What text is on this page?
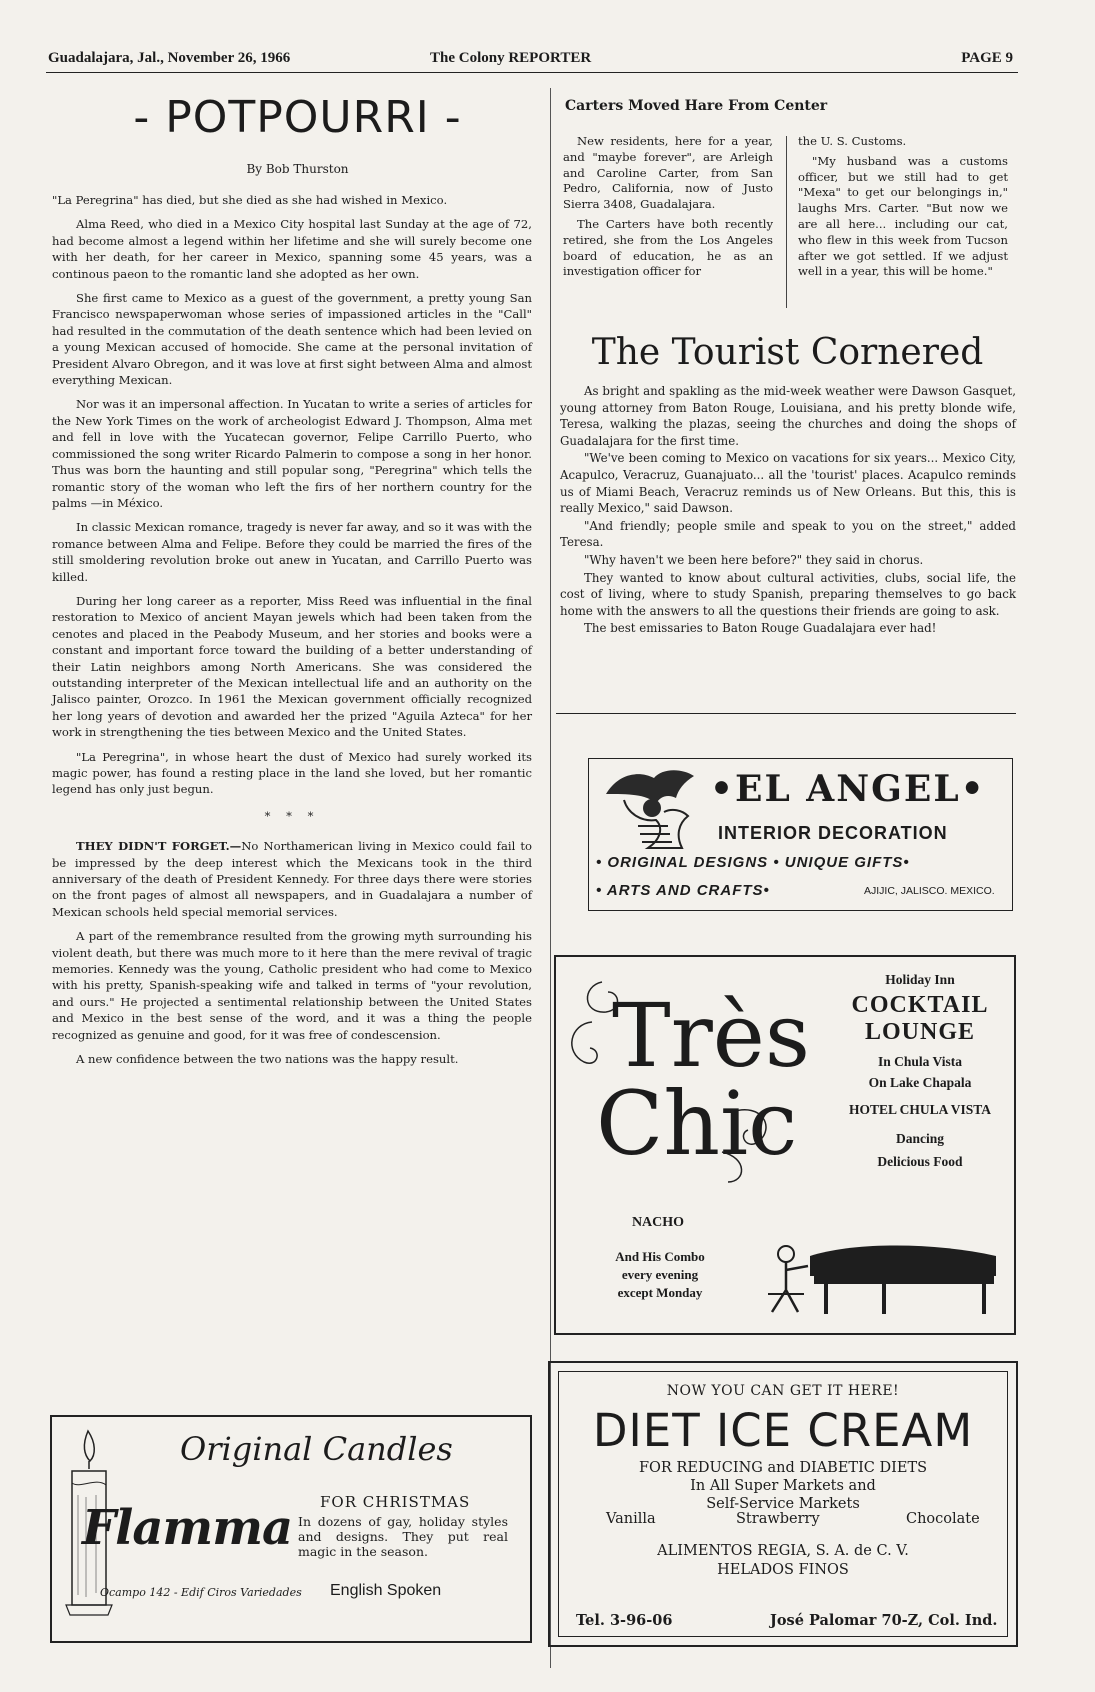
Guadalajara, Jal., November 26, 1966	The Colony REPORTER	PAGE 9
- POTPOURRI -
By Bob Thurston

"La Peregrina" has died, but she died as she had wished in Mexico.

Alma Reed, who died in a Mexico City hospital last Sunday at the age of 72, had become almost a legend within her lifetime and she will surely become one with her death, for her career in Mexico, spanning some 45 years, was a continous paeon to the romantic land she adopted as her own.

She first came to Mexico as a guest of the government, a pretty young San Francisco newspaperwoman whose series of impassioned articles in the "Call" had resulted in the commutation of the death sentence which had been levied on a young Mexican accused of homocide. She came at the personal invitation of President Alvaro Obregon, and it was love at first sight between Alma and almost everything Mexican.

Nor was it an impersonal affection. In Yucatan to write a series of articles for the New York Times on the work of archeologist Edward J. Thompson, Alma met and fell in love with the Yucatecan governor, Felipe Carrillo Puerto, who commissioned the song writer Ricardo Palmerin to compose a song in her honor. Thus was born the haunting and still popular song, "Peregrina" which tells the romantic story of the woman who left the firs of her northern country for the palms —in México.

In classic Mexican romance, tragedy is never far away, and so it was with the romance between Alma and Felipe. Before they could be married the fires of the still smoldering revolution broke out anew in Yucatan, and Carrillo Puerto was killed.

During her long career as a reporter, Miss Reed was influential in the final restoration to Mexico of ancient Mayan jewels which had been taken from the cenotes and placed in the Peabody Museum, and her stories and books were a constant and important force toward the building of a better understanding of their Latin neighbors among North Americans. She was considered the outstanding interpreter of the Mexican intellectual life and an authority on the Jalisco painter, Orozco. In 1961 the Mexican government officially recognized her long years of devotion and awarded her the prized "Aguila Azteca" for her work in strengthening the ties between Mexico and the United States.

"La Peregrina", in whose heart the dust of Mexico had surely worked its magic power, has found a resting place in the land she loved, but her romantic legend has only just begun.

* * *

THEY DIDN'T FORGET.—No Northamerican living in Mexico could fail to be impressed by the deep interest which the Mexicans took in the third anniversary of the death of President Kennedy. For three days there were stories on the front pages of almost all newspapers, and in Guadalajara a number of Mexican schools held special memorial services.

A part of the remembrance resulted from the growing myth surrounding his violent death, but there was much more to it here than the mere revival of tragic memories. Kennedy was the young, Catholic president who had come to Mexico with his pretty, Spanish-speaking wife and talked in terms of "your revolution, and ours." He projected a sentimental relationship between the United States and Mexico in the best sense of the word, and it was a thing the people recognized as genuine and good, for it was free of condescension.

A new confidence between the two nations was the happy result.

Original Candles
Flamma FOR CHRISTMAS
In dozens of gay, holiday styles and designs. They put real magic in the season.
Ocampo 142 - Edif Ciros Variedades English Spoken
Carters Moved Hare From Center

New residents, here for a year, and "maybe forever", are Arleigh and Caroline Carter, from San Pedro, California, now of Justo Sierra 3408, Guadalajara.

The Carters have both recently retired, she from the Los Angeles board of education, he as an investigation officer for

the U. S. Customs.

"My husband was a customs officer, but we still had to get "Mexa" to get our belongings in," laughs Mrs. Carter. "But now we are all here... including our cat, who flew in this week from Tucson after we got settled. If we adjust well in a year, this will be home."

The Tourist Cornered

As bright and spakling as the mid-week weather were Dawson Gasquet, young attorney from Baton Rouge, Louisiana, and his pretty blonde wife, Teresa, walking the plazas, seeing the churches and doing the shops of Guadalajara for the first time.

"We've been coming to Mexico on vacations for six years... Mexico City, Acapulco, Veracruz, Guanajuato... all the 'tourist' places. Acapulco reminds us of Miami Beach, Veracruz reminds us of New Orleans. But this, this is really Mexico," said Dawson.

"And friendly; people smile and speak to you on the street," added Teresa.

"Why haven't we been here before?" they said in chorus.

They wanted to know about cultural activities, clubs, social life, the cost of living, where to study Spanish, preparing themselves to go back home with the answers to all the questions their friends are going to ask.

The best emissaries to Baton Rouge Guadalajara ever had!

•EL ANGEL•
INTERIOR DECORATION
• ORIGINAL DESIGNS • UNIQUE GIFTS•
• ARTS AND CRAFTS•	AJIJIC, JALISCO. MEXICO.
Très
Chic
Holiday Inn
COCKTAIL
LOUNGE
In Chula Vista
On Lake Chapala
HOTEL CHULA VISTA
Dancing
Delicious Food
NACHO
And His Combo
every evening
except Monday
NOW YOU CAN GET IT HERE!
DIET ICE CREAM
FOR REDUCING and DIABETIC DIETS
In All Super Markets and
Self-Service Markets
Vanilla	Strawberry	Chocolate
ALIMENTOS REGIA, S. A. de C. V.
HELADOS FINOS
Tel. 3-96-06	José Palomar 70-Z, Col. Ind.
